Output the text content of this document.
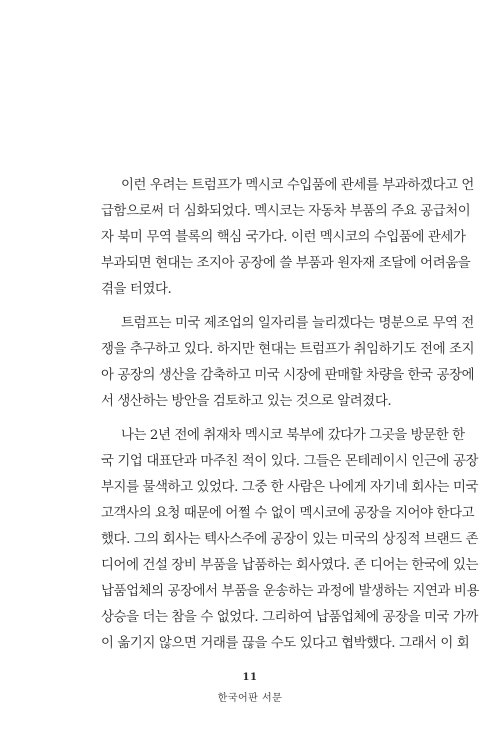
이런 우려는 트럼프가 멕시코 수입품에 관세를 부과하겠다고 언
급함으로써 더 심화되었다. 멕시코는 자동차 부품의 주요 공급처이
자 북미 무역 블록의 핵심 국가다. 이런 멕시코의 수입품에 관세가
부과되면 현대는 조지아 공장에 쓸 부품과 원자재 조달에 어려움을
겪을 터였다.
트럼프는 미국 제조업의 일자리를 늘리겠다는 명분으로 무역 전
쟁을 추구하고 있다. 하지만 현대는 트럼프가 취임하기도 전에 조지
아 공장의 생산을 감축하고 미국 시장에 판매할 차량을 한국 공장에
서 생산하는 방안을 검토하고 있는 것으로 알려졌다.
나는 2년 전에 취재차 멕시코 북부에 갔다가 그곳을 방문한 한
국 기업 대표단과 마주친 적이 있다. 그들은 몬테레이시 인근에 공장
부지를 물색하고 있었다. 그중 한 사람은 나에게 자기네 회사는 미국
고객사의 요청 때문에 어쩔 수 없이 멕시코에 공장을 지어야 한다고
했다. 그의 회사는 텍사스주에 공장이 있는 미국의 상징적 브랜드 존
디어에 건설 장비 부품을 납품하는 회사였다. 존 디어는 한국에 있는
납품업체의 공장에서 부품을 운송하는 과정에 발생하는 지연과 비용
상승을 더는 참을 수 없었다. 그리하여 납품업체에 공장을 미국 가까
이 옮기지 않으면 거래를 끊을 수도 있다고 협박했다. 그래서 이 회
11
한국어판 서문
